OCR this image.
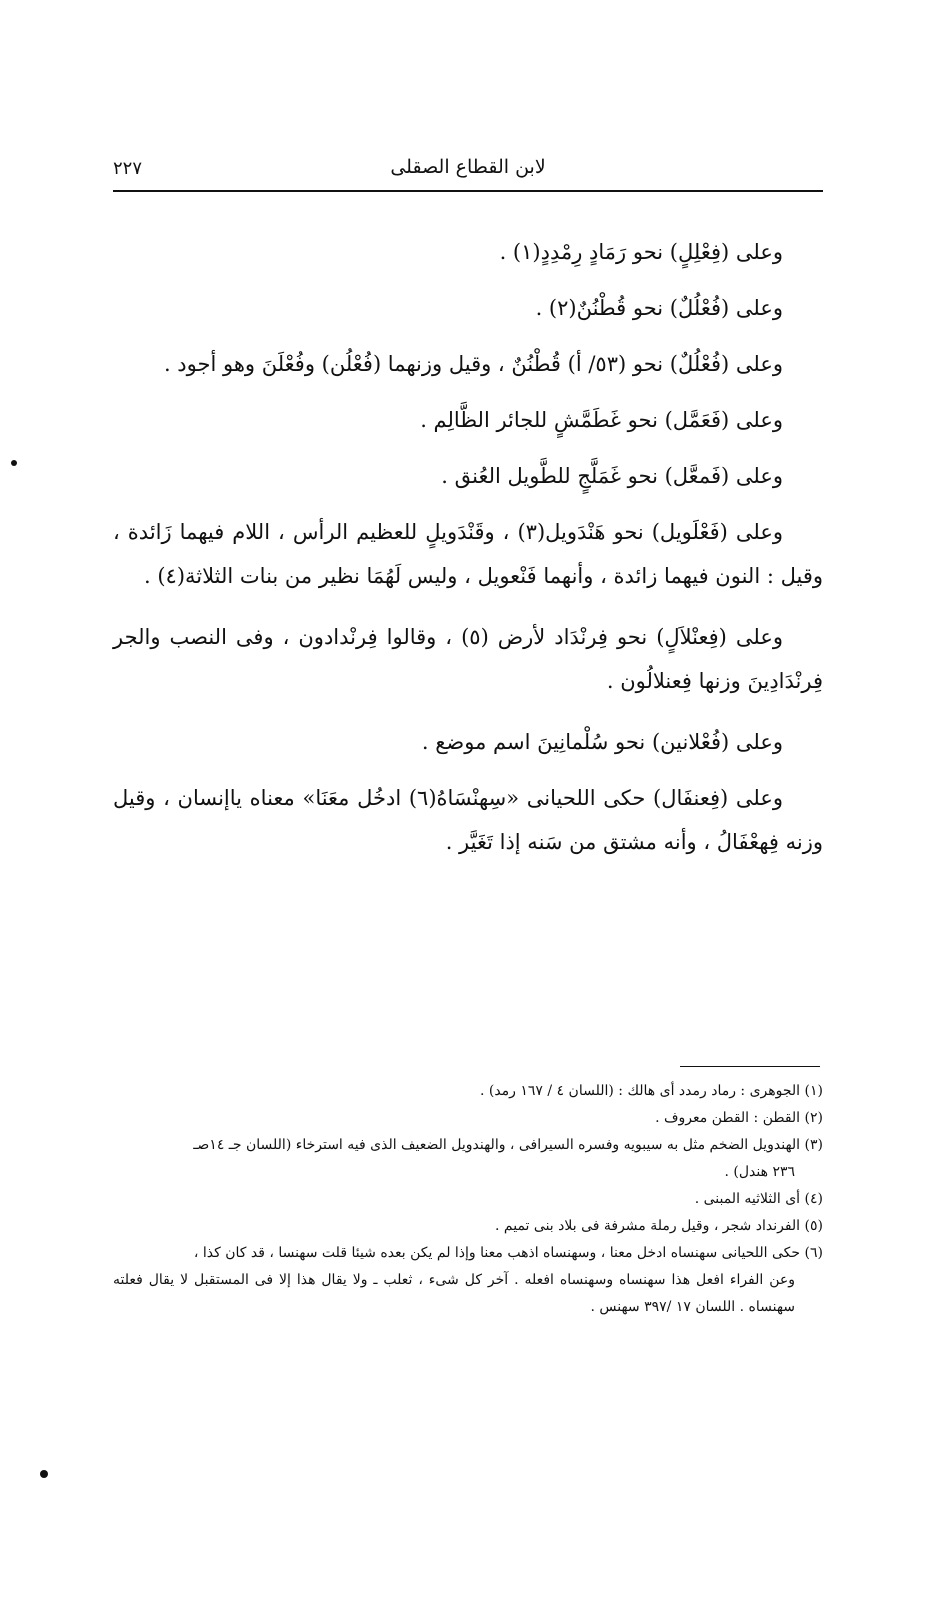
٢٢٧	لابن القطاع الصقلى

وعلى (فِعْلِلٍ) نحو رَمَادٍ رِمْدِدٍ(١) .

وعلى (فُعْلُلٌ) نحو قُطْنُنٌ(٢) .

وعلى (فُعْلُلٌ) نحو (٥٣/ أ) قُطْنُنٌ ، وقيل وزنهما (فُعْلُن) وفُعْلَنَ وهو أجود .

وعلى (فَعَمَّل) نحو غَطَمَّشٍ للجائر الظَّالِم .

وعلى (فَمعَّل) نحو غَمَلَّجٍ للطَّويل العُنق .

وعلى (فَعْلَويل) نحو هَنْدَويل(٣) ، وقَنْدَويلٍ للعظيم الرأس ، اللام فيهما زَائدة ، وقيل : النون فيهما زائدة ، وأنهما فَنْعويل ، وليس لَهُمَا نظير من بنات الثلاثة(٤) .

وعلى (فِعنْلاَلٍ) نحو فِرنْدَاد لأرض (٥) ، وقالوا فِرنْدادون ، وفى النصب والجر فِرنْدَادِينَ وزنها فِعنلالُون .

وعلى (فُعْلانين) نحو سُلْمانِينَ اسم موضع .

وعلى (فِعنفَال) حكى اللحيانى «سِهنْسَاهُ(٦) ادخُل معَنَا» معناه ياإنسان ، وقيل وزنه فِهعْفَالُ ، وأنه مشتق من سَنه إذا تَغَيَّر .

(١) الجوهرى : رماد رمدد أى هالك : (اللسان ٤ / ١٦٧ رمد) .

(٢) القطن : القطن معروف .

(٣) الهندويل الضخم مثل به سيبويه وفسره السيرافى ، والهندويل الضعيف الذى فيه استرخاء (اللسان جـ ١٤صـ
٢٣٦ هندل) .

(٤) أى الثلاثيه المبنى .

(٥) الفرنداد شجر ، وقيل رملة مشرفة فى بلاد بنى تميم .

(٦) حكى اللحيانى سهنساه ادخل معنا ، وسهنساه اذهب معنا وإذا لم يكن بعده شيئا قلت سهنسا ، قد كان كذا ،
وعن الفراء افعل هذا سهنساه وسهنساه افعله . آخر كل شىء ، ثعلب ـ ولا يقال هذا إلا فى المستقبل لا يقال فعلته سهنساه . اللسان ١٧ /٣٩٧ سهنس .
